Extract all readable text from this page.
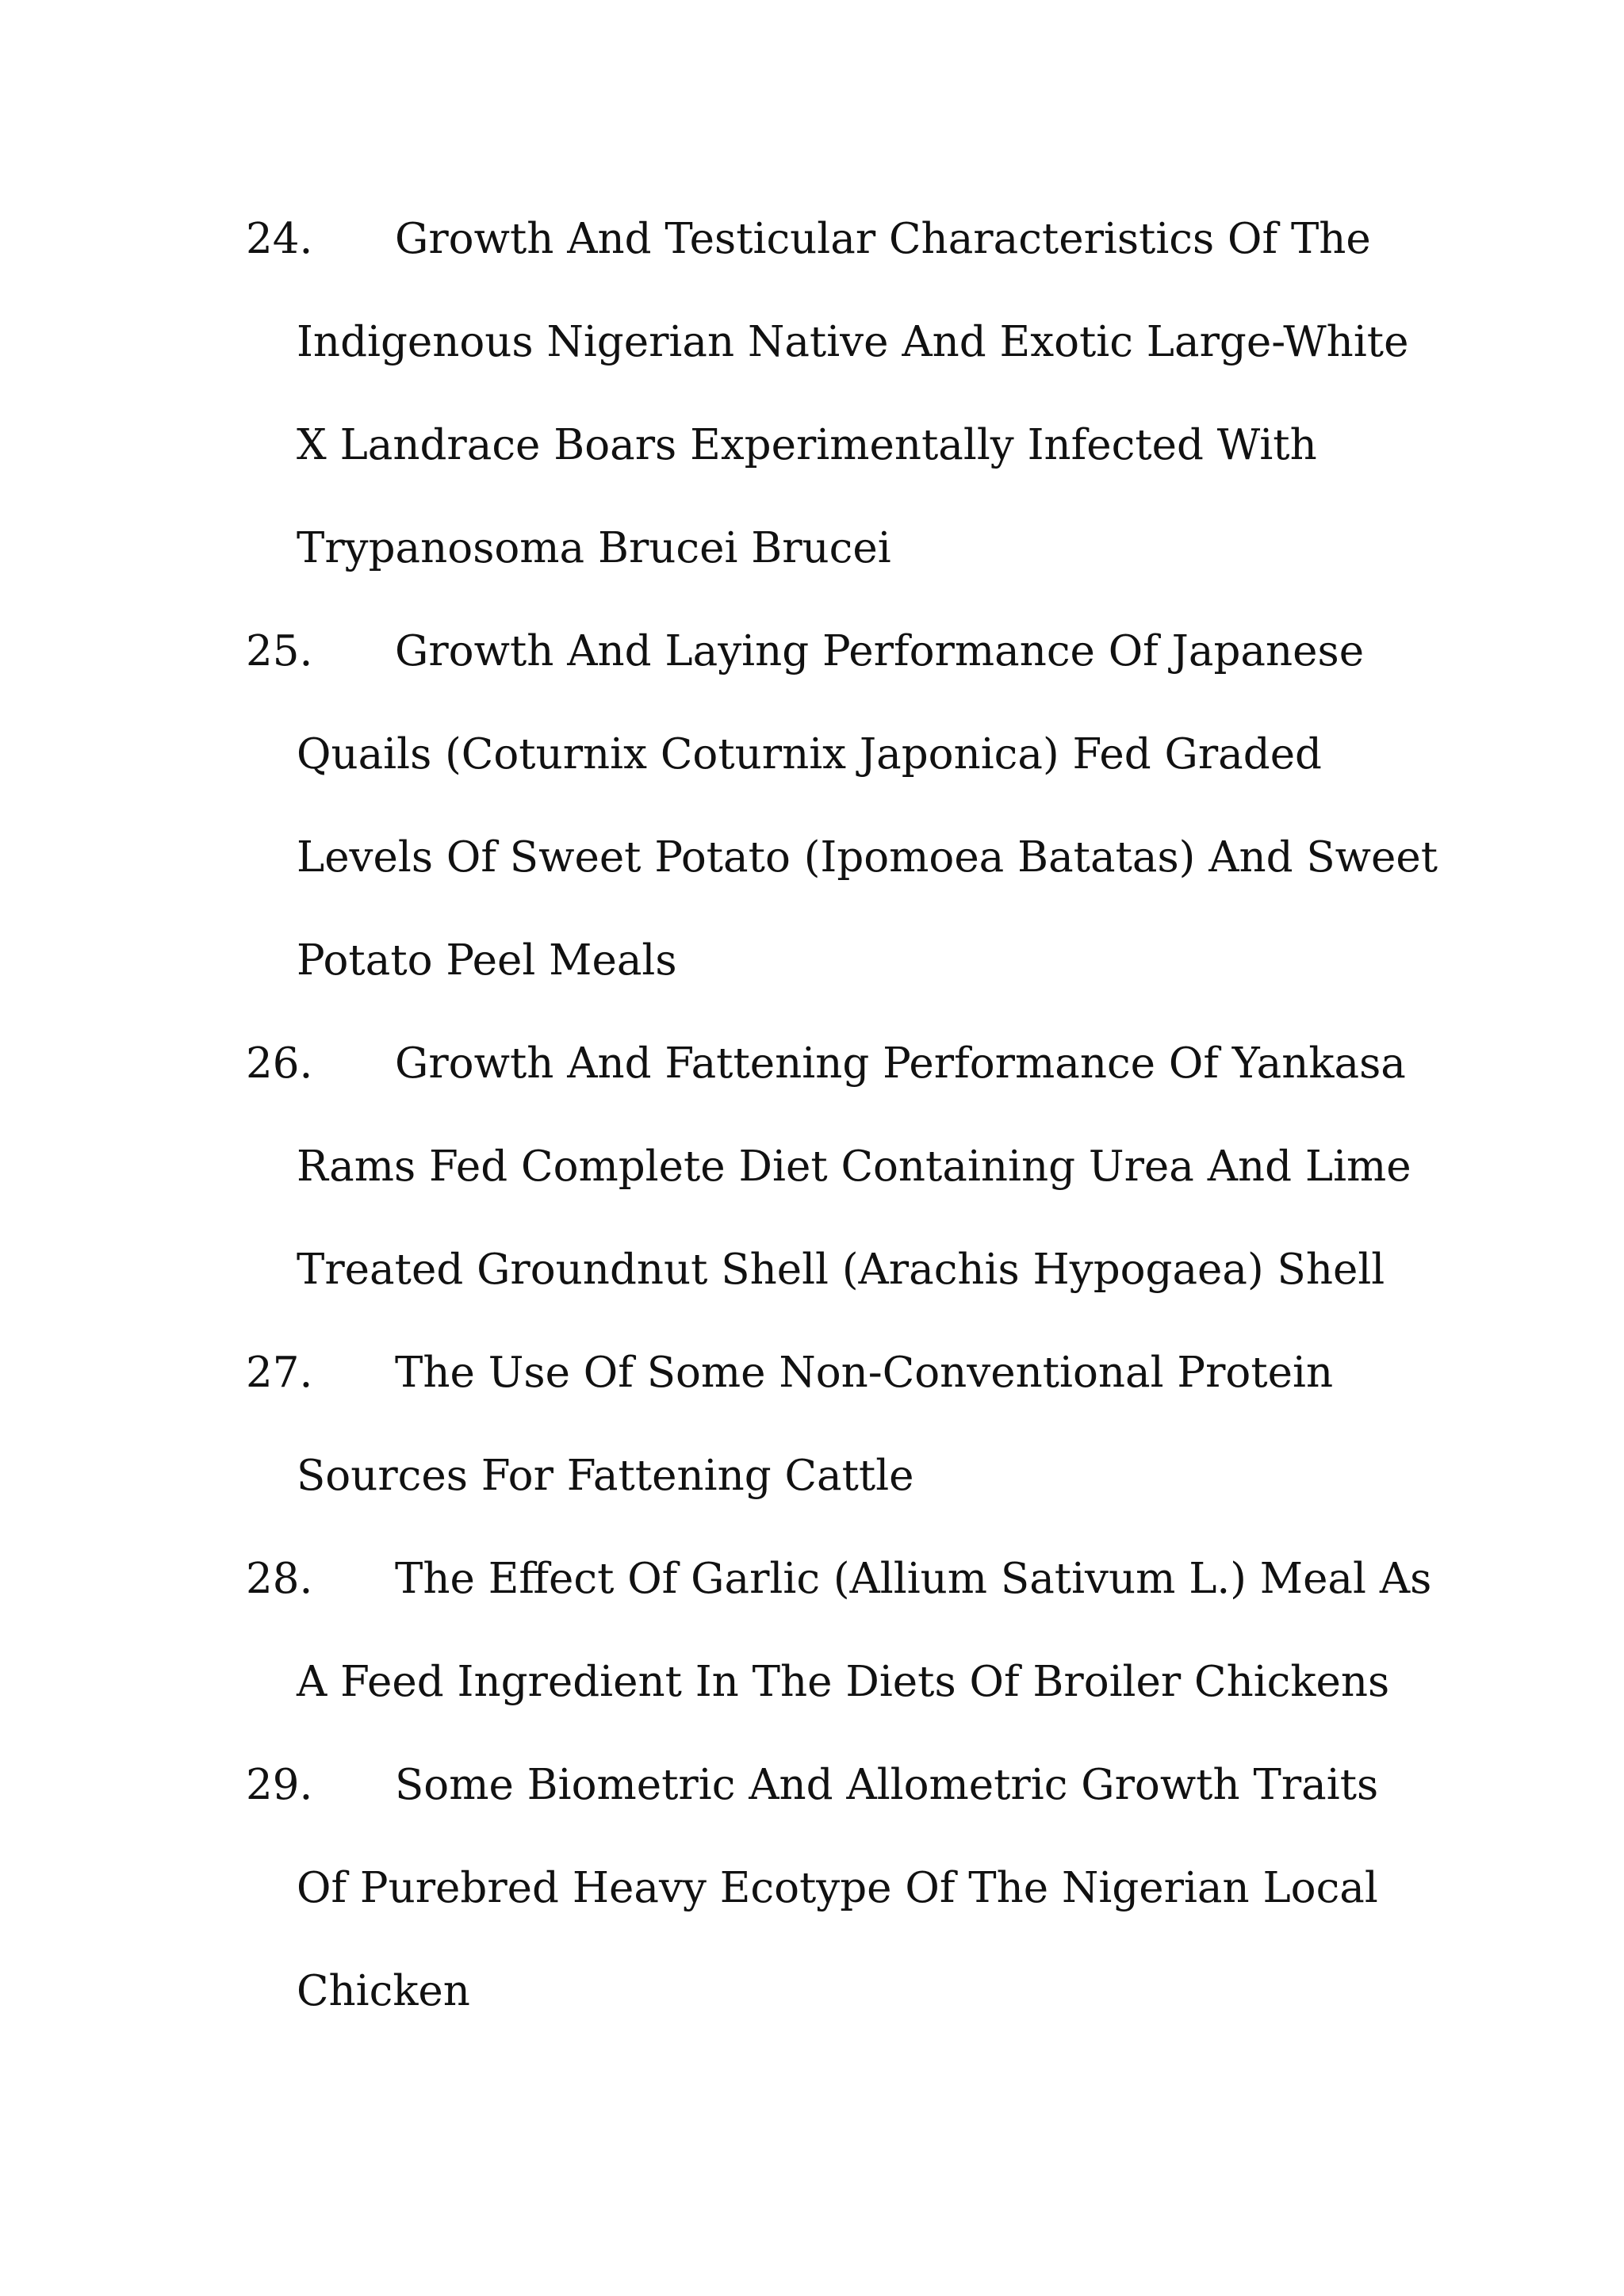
24.	Growth And Testicular Characteristics Of The
Indigenous Nigerian Native And Exotic Large-White
X Landrace Boars Experimentally Infected With
Trypanosoma Brucei Brucei
25.	Growth And Laying Performance Of Japanese
Quails (Coturnix Coturnix Japonica) Fed Graded
Levels Of Sweet Potato (Ipomoea Batatas) And Sweet
Potato Peel Meals
26.	Growth And Fattening Performance Of Yankasa
Rams Fed Complete Diet Containing Urea And Lime
Treated Groundnut Shell (Arachis Hypogaea) Shell
27.	The Use Of Some Non-Conventional Protein
Sources For Fattening Cattle
28.	The Effect Of Garlic (Allium Sativum L.) Meal As
A Feed Ingredient In The Diets Of Broiler Chickens
29.	Some Biometric And Allometric Growth Traits
Of Purebred Heavy Ecotype Of The Nigerian Local
Chicken
